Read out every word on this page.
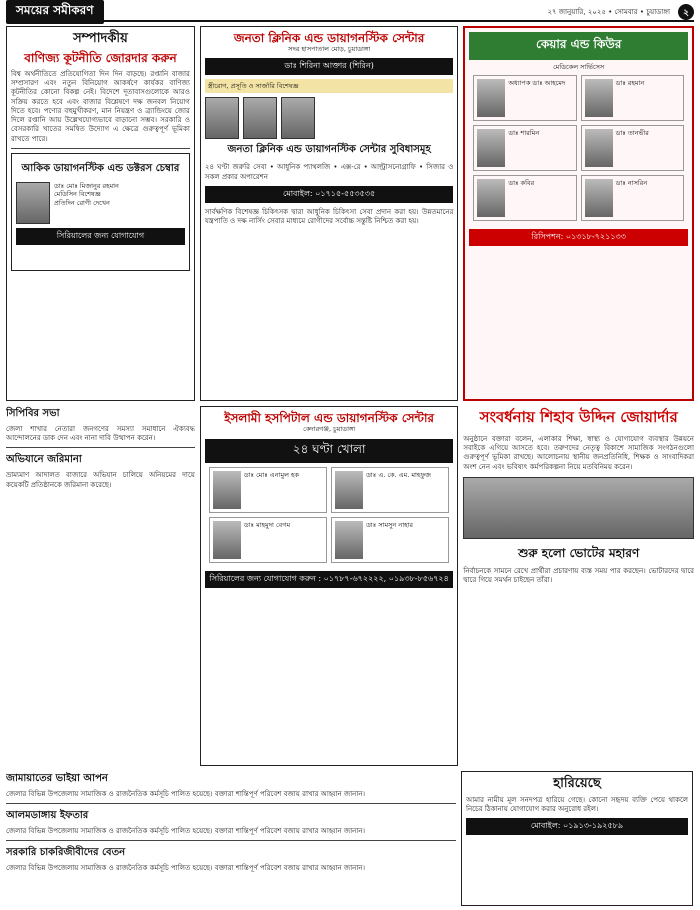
সময়ের সমীকরণ	২৭ জানুয়ারি, ২০২৫ • সোমবার • চুয়াডাঙ্গা	২
সম্পাদকীয়
বাণিজ্য কূটনীতি জোরদার করুন
বিশ্ব অর্থনীতিতে প্রতিযোগিতা দিন দিন বাড়ছে। রপ্তানি বাজার সম্প্রসারণ এবং নতুন বিনিয়োগ আকর্ষণে কার্যকর বাণিজ্য কূটনীতির কোনো বিকল্প নেই। বিদেশে দূতাবাসগুলোকে আরও সক্রিয় করতে হবে এবং বাজার বিশ্লেষণে দক্ষ জনবল নিয়োগ দিতে হবে। পণ্যের বহুমুখীকরণ, মান নিয়ন্ত্রণ ও ব্র্যান্ডিংয়ে জোর দিলে রপ্তানি আয় উল্লেখযোগ্যভাবে বাড়ানো সম্ভব। সরকারি ও বেসরকারি খাতের সমন্বিত উদ্যোগ এ ক্ষেত্রে গুরুত্বপূর্ণ ভূমিকা রাখতে পারে।
আকিক ডায়াগনস্টিক এন্ড ডক্টরস চেম্বার
ডাঃ মোঃ মিজানুর রহমান
মেডিসিন বিশেষজ্ঞ
প্রতিদিন রোগী দেখেন
সিরিয়ালের জন্য যোগাযোগ
জনতা ক্লিনিক এন্ড ডায়াগনস্টিক সেন্টার
সদর হাসপাতাল মোড়, চুয়াডাঙ্গা
ডাঃ শিরিনা আক্তার (শিরিন)
স্ত্রীরোগ, প্রসূতি ও সার্জারি বিশেষজ্ঞ
জনতা ক্লিনিক এন্ড ডায়াগনস্টিক সেন্টার সুবিধাসমূহ
২৪ ঘণ্টা জরুরি সেবা • আধুনিক প্যাথলজি • এক্স-রে • আল্ট্রাসনোগ্রাফি • সিজার ও সকল প্রকার অপারেশন
মোবাইল: ০১৭১৫-৫৫৩৫৩৫
সার্বক্ষণিক বিশেষজ্ঞ চিকিৎসক দ্বারা আধুনিক চিকিৎসা সেবা প্রদান করা হয়। উন্নতমানের যন্ত্রপাতি ও দক্ষ নার্সিং সেবার মাধ্যমে রোগীদের সর্বোচ্চ সন্তুষ্টি নিশ্চিত করা হয়।
কেয়ার এন্ড কিউর
মেডিকেল সার্ভিসেস
অধ্যাপক ডাঃ আহমেদ	ডাঃ রহমান
ডাঃ শারমিন	ডাঃ তানভীর
ডাঃ কবির	ডাঃ নাসরিন
রিসিপশন: ০১৩১৮-৭২১১৩৩
সিপিবির সভা
জেলা শাখার নেতারা জনগণের সমস্যা সমাধানে ঐক্যবদ্ধ আন্দোলনের ডাক দেন এবং নানা দাবি উত্থাপন করেন।
অভিযানে জরিমানা
ভ্রাম্যমাণ আদালত বাজারে অভিযান চালিয়ে অনিয়মের দায়ে কয়েকটি প্রতিষ্ঠানকে জরিমানা করেছে।
ইসলামী হসপিটাল এন্ড ডায়াগনস্টিক সেন্টার
কেদারগঞ্জ, চুয়াডাঙ্গা
২৪ ঘণ্টা খোলা
ডাঃ মোঃ এনামুল হক	ডাঃ এ. কে. এম. মাহফুজ
ডাঃ মাহমুদা বেগম	ডাঃ সামসুন নাহার
সিরিয়ালের জন্য যোগাযোগ করুন : ০১৭৮৭-৬৭২২২২, ০১৯৩৮-৮৫৬৭২৪
সংবর্ধনায় শিহাব উদ্দিন জোয়ার্দার
অনুষ্ঠানে বক্তারা বলেন, এলাকার শিক্ষা, স্বাস্থ্য ও যোগাযোগ ব্যবস্থার উন্নয়নে সবাইকে এগিয়ে আসতে হবে। তরুণদের নেতৃত্ব বিকাশে সামাজিক সংগঠনগুলো গুরুত্বপূর্ণ ভূমিকা রাখছে। আলোচনায় স্থানীয় জনপ্রতিনিধি, শিক্ষক ও সাংবাদিকরা অংশ নেন এবং ভবিষ্যৎ কর্মপরিকল্পনা নিয়ে মতবিনিময় করেন।
শুরু হলো ভোটের মহারণ
নির্বাচনকে সামনে রেখে প্রার্থীরা প্রচারণায় ব্যস্ত সময় পার করছেন। ভোটারদের দ্বারে দ্বারে গিয়ে সমর্থন চাইছেন তাঁরা।
জামায়াতের ভাইয়া আপন
জেলার বিভিন্ন উপজেলায় সামাজিক ও রাজনৈতিক কর্মসূচি পালিত হয়েছে। বক্তারা শান্তিপূর্ণ পরিবেশ বজায় রাখার আহ্বান জানান।
আলমডাঙ্গায় ইফতার
জেলার বিভিন্ন উপজেলায় সামাজিক ও রাজনৈতিক কর্মসূচি পালিত হয়েছে। বক্তারা শান্তিপূর্ণ পরিবেশ বজায় রাখার আহ্বান জানান।
সরকারি চাকরিজীবীদের বেতন
জেলার বিভিন্ন উপজেলায় সামাজিক ও রাজনৈতিক কর্মসূচি পালিত হয়েছে। বক্তারা শান্তিপূর্ণ পরিবেশ বজায় রাখার আহ্বান জানান।
হারিয়েছে
আমার নামীয় মূল সনদপত্র হারিয়ে গেছে। কোনো সহৃদয় ব্যক্তি পেয়ে থাকলে নিচের ঠিকানায় যোগাযোগ করার অনুরোধ রইল।
মোবাইল: ০১৯১৩-১৯২৫৮৯
